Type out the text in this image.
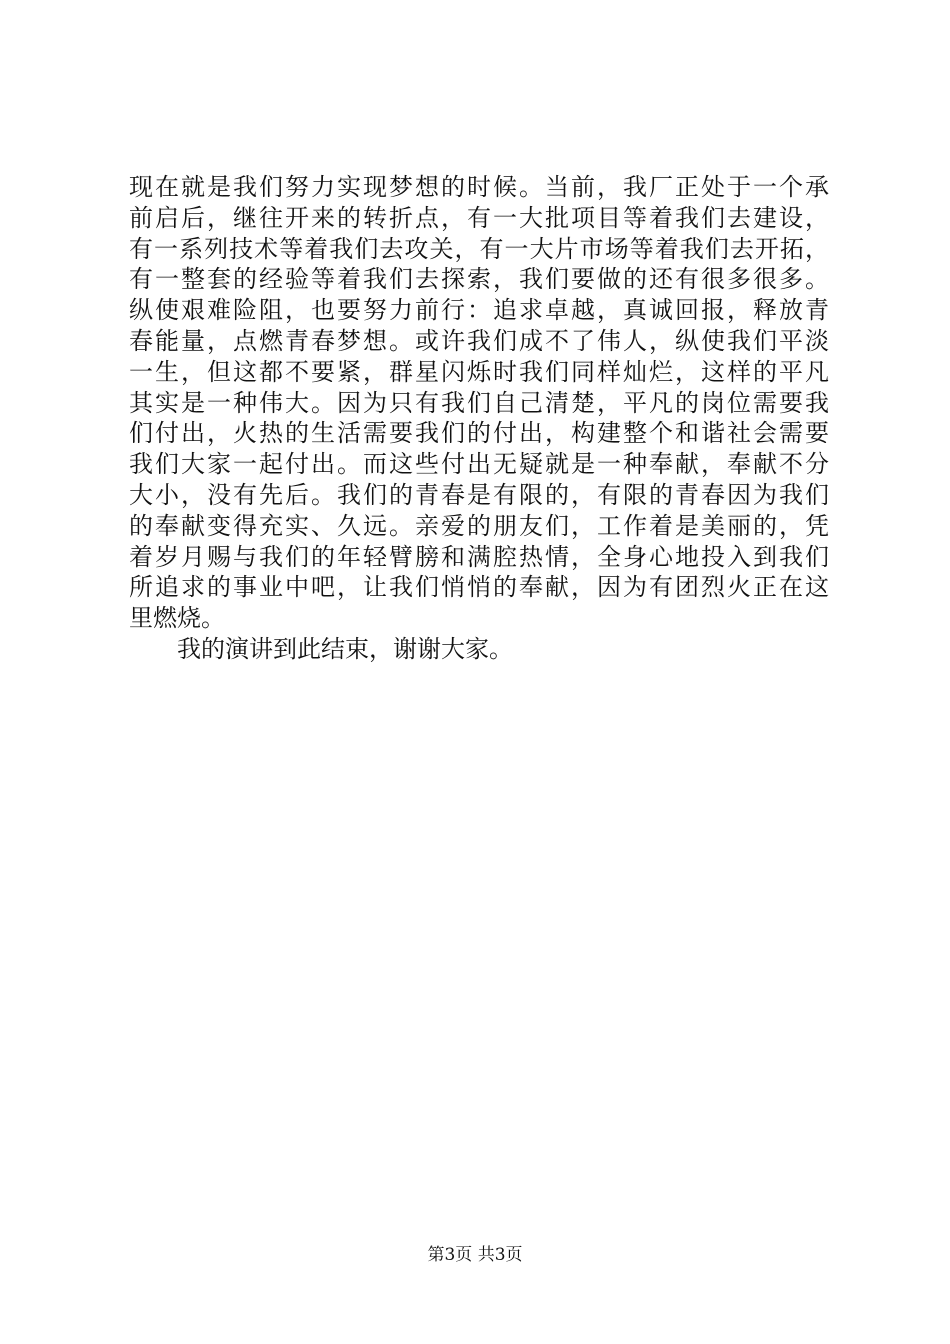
现在就是我们努力实现梦想的时候。当前，我厂正处于一个承
前启后，继往开来的转折点，有一大批项目等着我们去建设，
有一系列技术等着我们去攻关，有一大片市场等着我们去开拓，
有一整套的经验等着我们去探索，我们要做的还有很多很多。
纵使艰难险阻，也要努力前行：追求卓越，真诚回报，释放青
春能量，点燃青春梦想。或许我们成不了伟人，纵使我们平淡
一生，但这都不要紧，群星闪烁时我们同样灿烂，这样的平凡
其实是一种伟大。因为只有我们自己清楚，平凡的岗位需要我
们付出，火热的生活需要我们的付出，构建整个和谐社会需要
我们大家一起付出。而这些付出无疑就是一种奉献，奉献不分
大小，没有先后。我们的青春是有限的，有限的青春因为我们
的奉献变得充实、久远。亲爱的朋友们，工作着是美丽的，凭
着岁月赐与我们的年轻臂膀和满腔热情，全身心地投入到我们
所追求的事业中吧，让我们悄悄的奉献，因为有团烈火正在这
里燃烧。
我的演讲到此结束，谢谢大家。
第3页 共3页
